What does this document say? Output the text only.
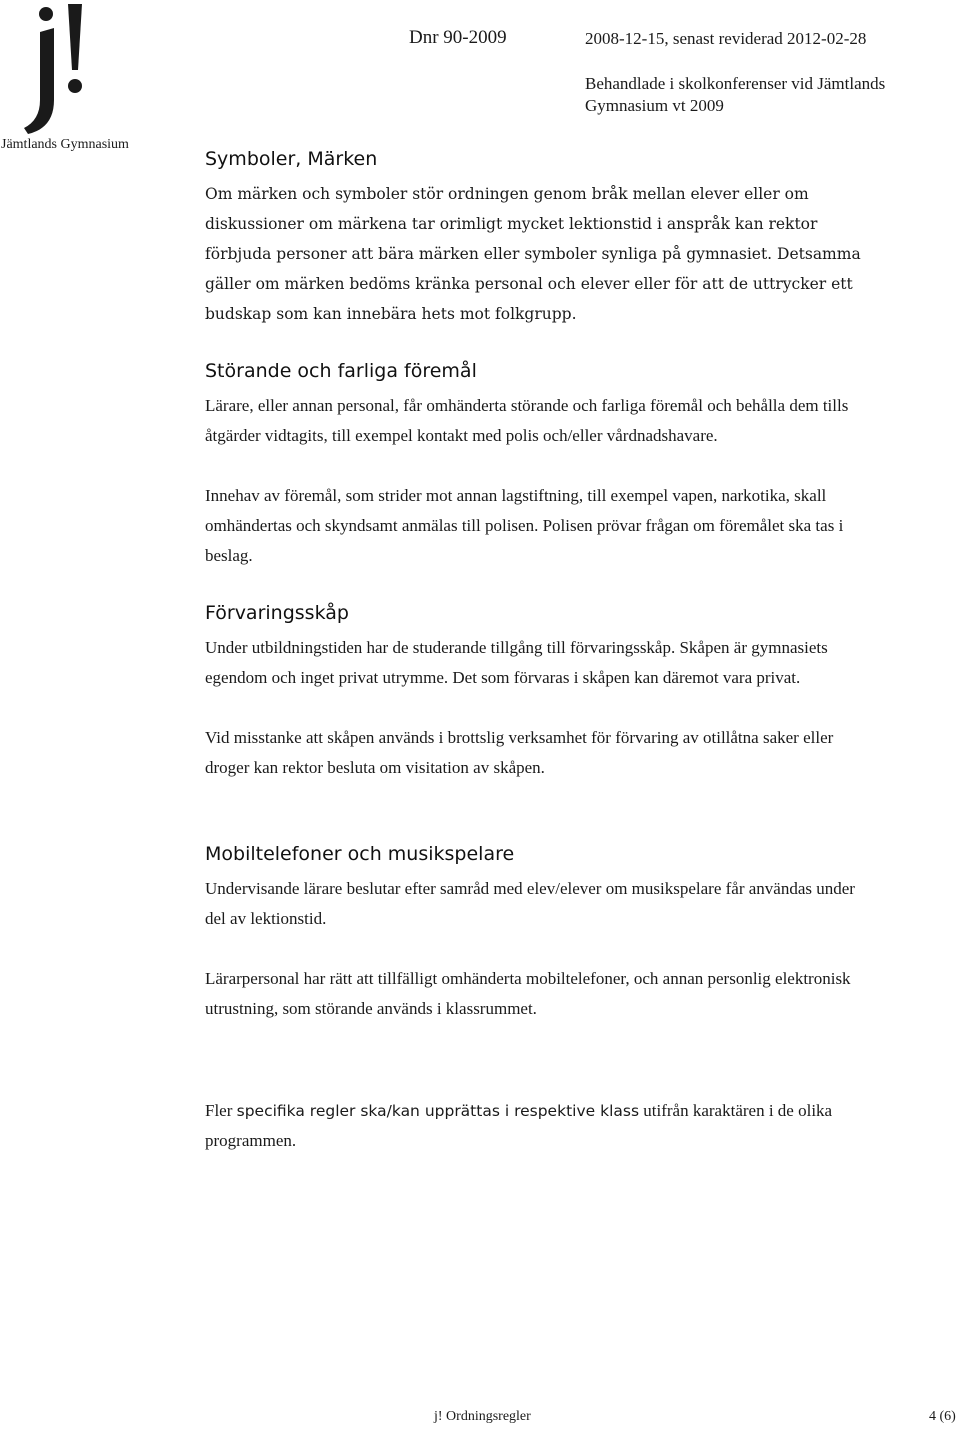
Jämtlands Gymnasium
Dnr 90-2009	2008-12-15, senast reviderad 2012-02-28
Behandlade i skolkonferenser vid Jämtlands Gymnasium vt 2009
Symboler, Märken

Om märken och symboler stör ordningen genom bråk mellan elever eller om diskussioner om märkena tar orimligt mycket lektionstid i anspråk kan rektor förbjuda personer att bära märken eller symboler synliga på gymnasiet. Detsamma gäller om märken bedöms kränka personal och elever eller för att de uttrycker ett budskap som kan innebära hets mot folkgrupp.

Störande och farliga föremål

Lärare, eller annan personal, får omhänderta störande och farliga föremål och behålla dem tills åtgärder vidtagits, till exempel kontakt med polis och/eller vårdnadshavare.

Innehav av föremål, som strider mot annan lagstiftning, till exempel vapen, narkotika, skall omhändertas och skyndsamt anmälas till polisen. Polisen prövar frågan om föremålet ska tas i beslag.

Förvaringsskåp

Under utbildningstiden har de studerande tillgång till förvaringsskåp. Skåpen är gymnasiets egendom och inget privat utrymme. Det som förvaras i skåpen kan däremot vara privat.

Vid misstanke att skåpen används i brottslig verksamhet för förvaring av otillåtna saker eller droger kan rektor besluta om visitation av skåpen.

Mobiltelefoner och musikspelare

Undervisande lärare beslutar efter samråd med elev/elever om musikspelare får användas under del av lektionstid.

Lärarpersonal har rätt att tillfälligt omhänderta mobiltelefoner, och annan personlig elektronisk utrustning, som störande används i klassrummet.

Fler specifika regler ska/kan upprättas i respektive klass utifrån karaktären i de olika programmen.

j! Ordningsregler	4 (6)
